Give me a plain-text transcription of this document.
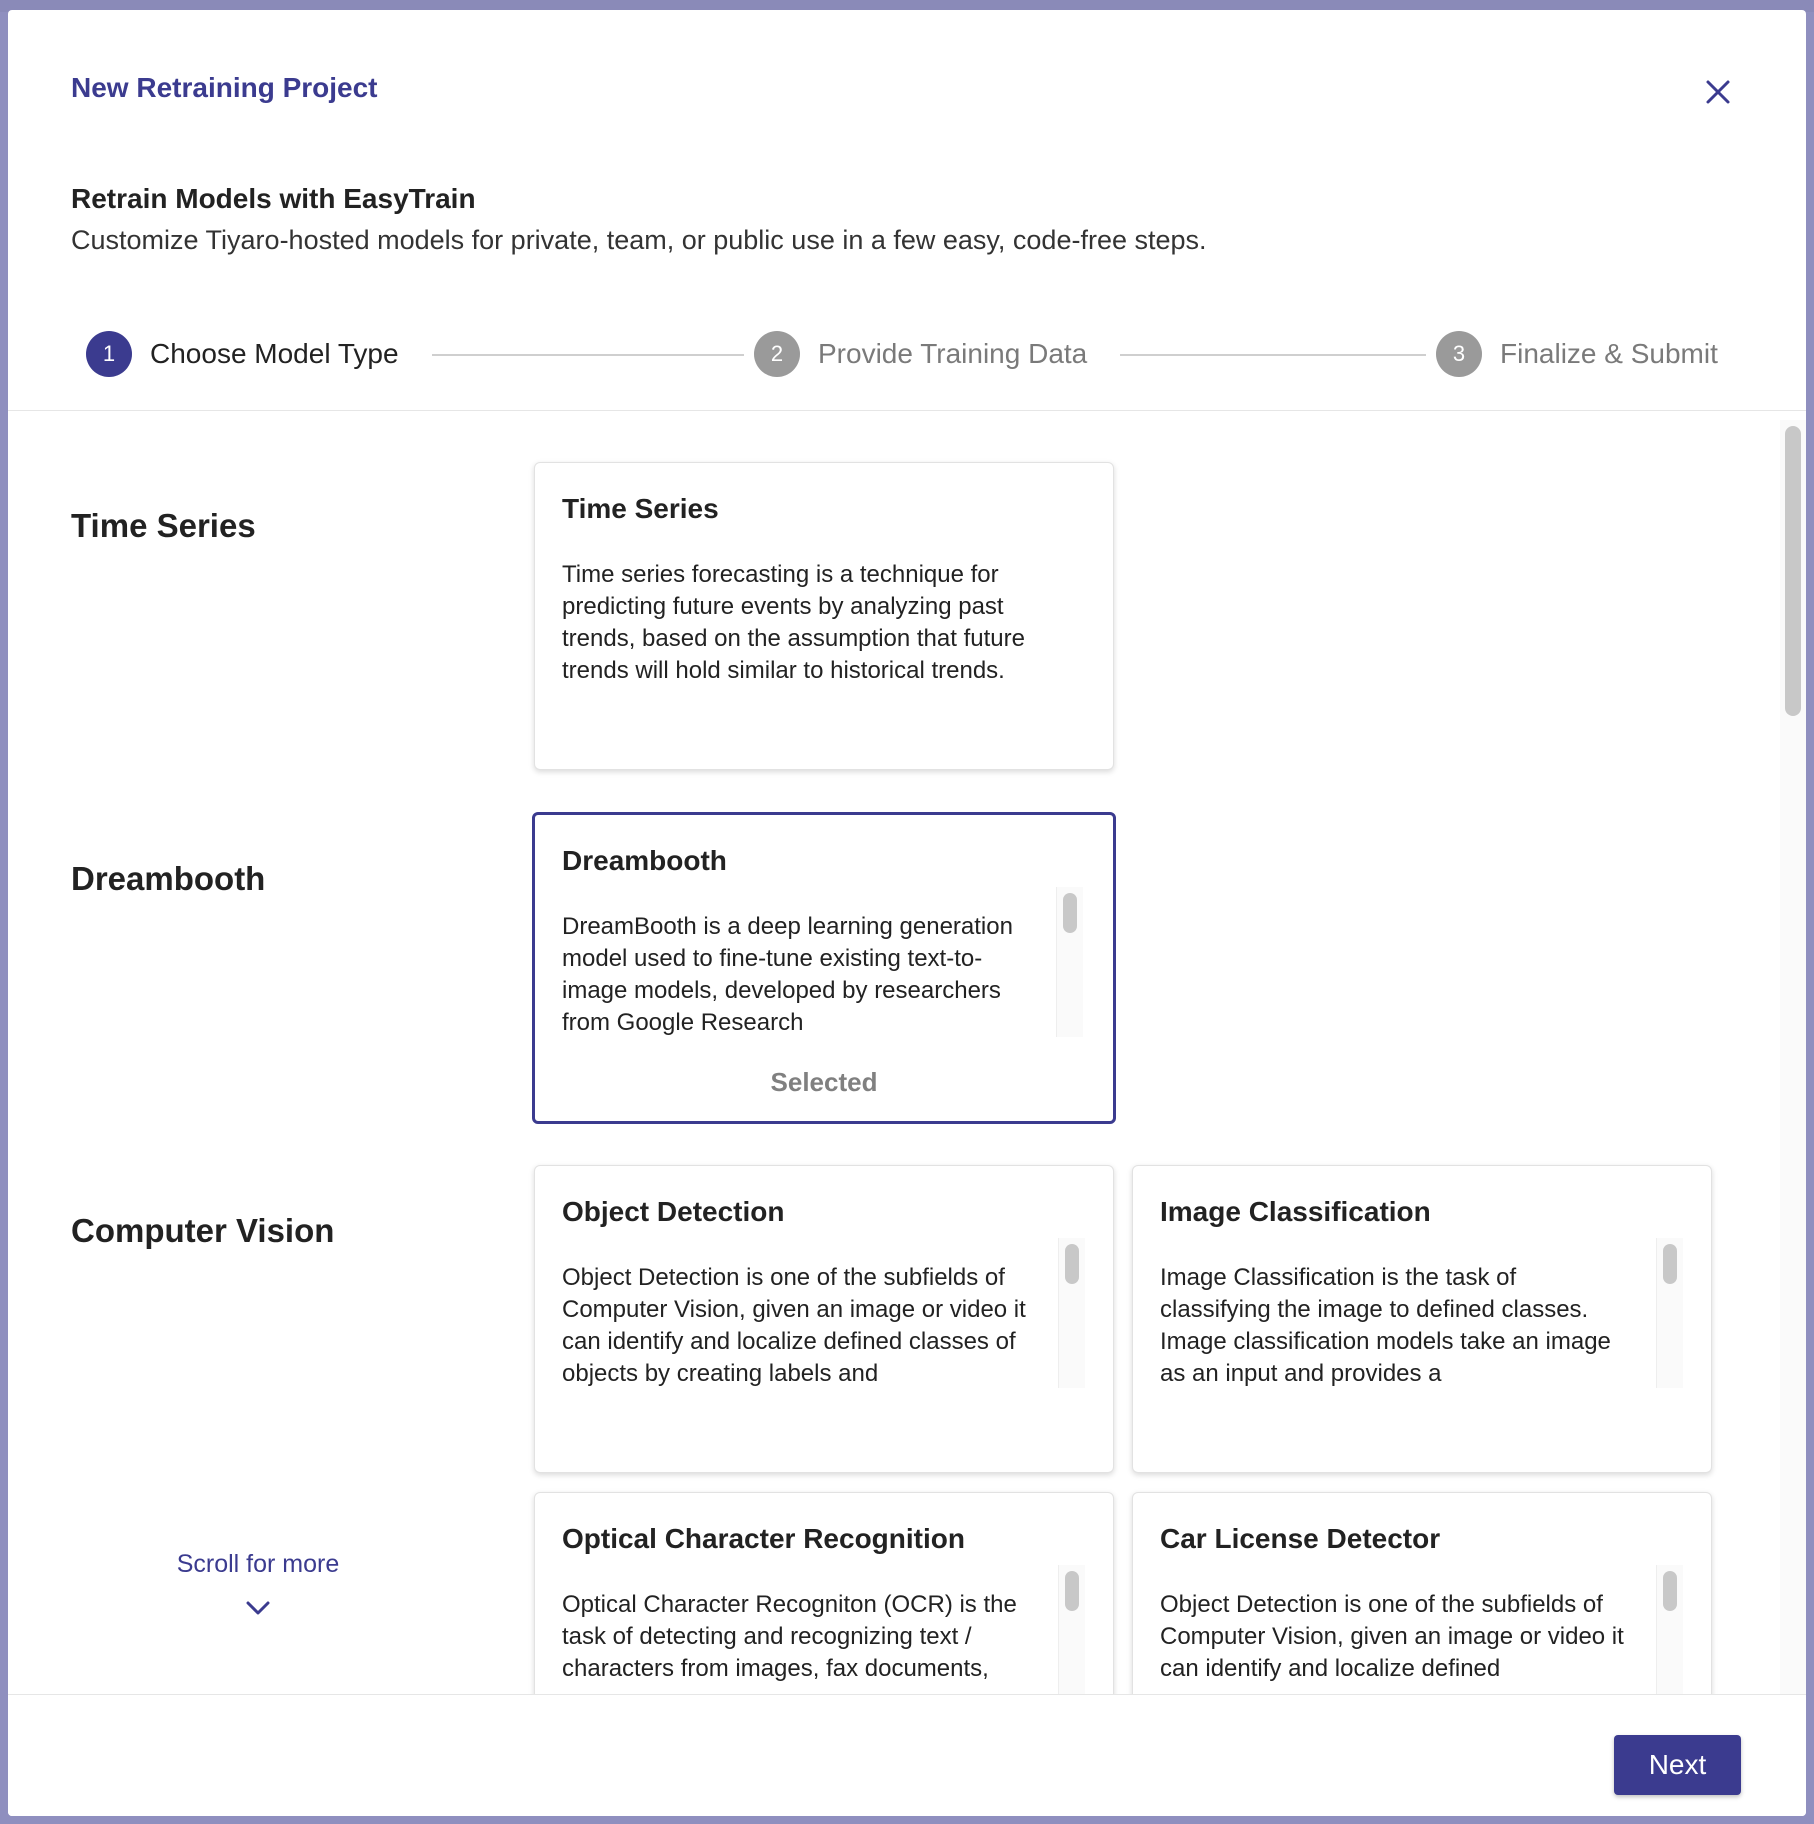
New Retraining Project
Retrain Models with EasyTrain
Customize Tiyaro-hosted models for private, team, or public use in a few easy, code-free steps.
1	Choose Model Type	2	Provide Training Data	3	Finalize & Submit
Time Series	Time Series
Time series forecasting is a technique for predicting future events by analyzing past trends, based on the assumption that future trends will hold similar to historical trends.
Dreambooth	Dreambooth
DreamBooth is a deep learning generation model used to fine-tune existing text-to-image models, developed by researchers from Google Research
Selected
Computer Vision
Object Detection
Object Detection is one of the subfields of Computer Vision, given an image or video it can identify and localize defined classes of objects by creating labels and
Image Classification
Image Classification is the task of classifying the image to defined classes. Image classification models take an image as an input and provides a
Optical Character Recognition
Optical Character Recogniton (OCR) is the task of detecting and recognizing text / characters from images, fax documents,
Car License Detector
Object Detection is one of the subfields of Computer Vision, given an image or video it can identify and localize defined
Scroll for more
Next
